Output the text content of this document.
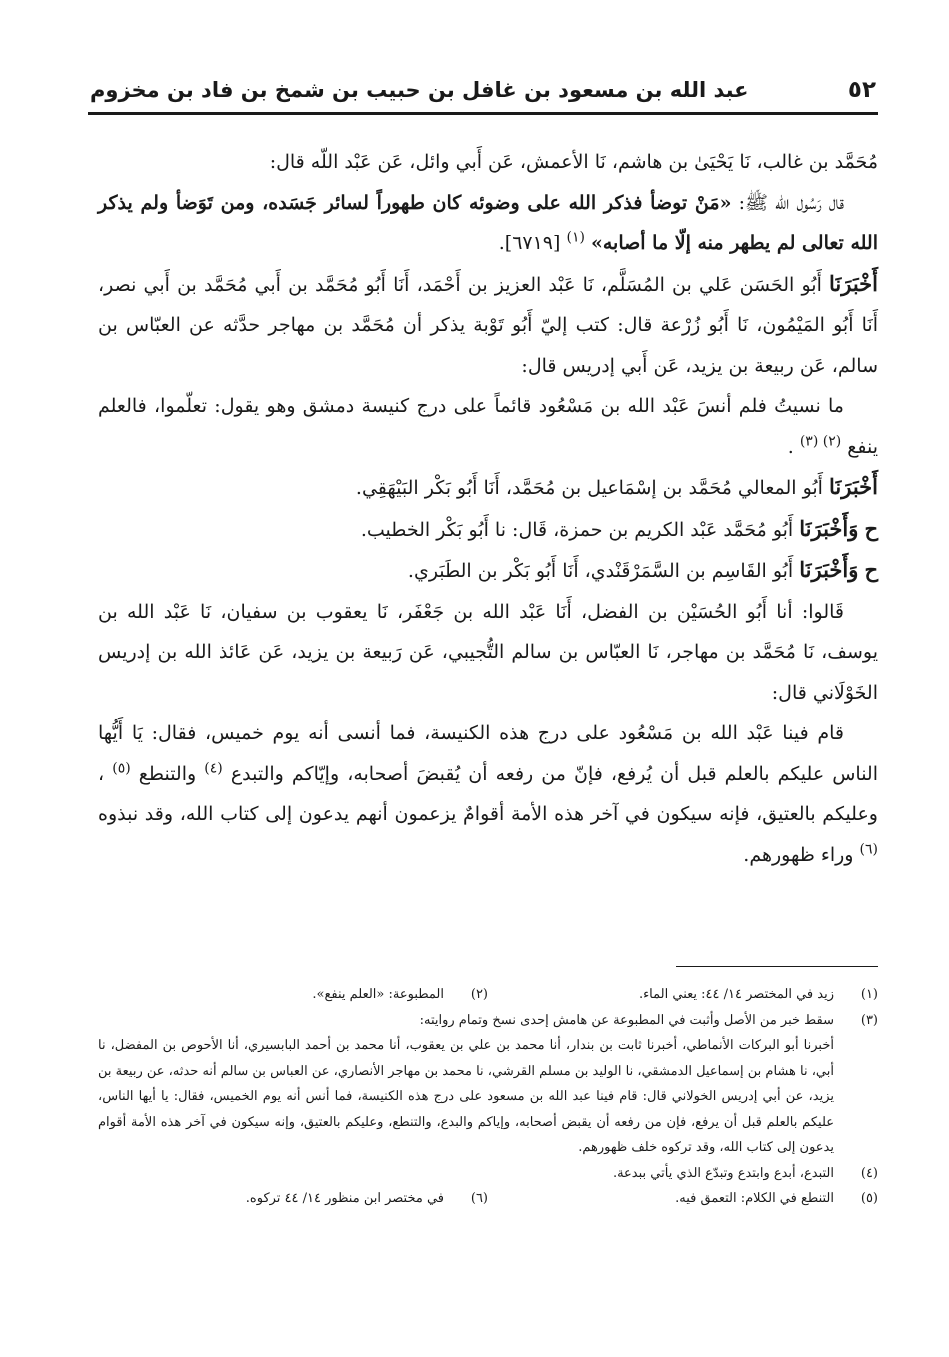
٥٢
عبد الله بن مسعود بن غافل بن حبيب بن شمخ بن فاد بن مخزوم

مُحَمَّد بن غالب، نَا يَحْيَىٰ بن هاشم، نَا الأعمش، عَن أَبي وائل، عَن عَبْد اللّه قال:

قال رَسُول الله ﷺ: «مَنْ توضأ فذكر الله على وضوئه كان طهوراً لسائر جَسَده، ومن تَوَضأ ولم يذكر الله تعالى لم يطهر منه إلّا ما أصابه» $^{(١)}$ [٦٧١٩].

أَخْبَرَنَا أَبُو الحَسَن عَلي بن المُسَلَّم، نَا عَبْد العزيز بن أَحْمَد، أَنَا أَبُو مُحَمَّد بن أَبي مُحَمَّد بن أَبي نصر، أَنَا أَبُو المَيْمُون، نَا أَبُو زُرْعة قال: كتب إليّ أَبُو تَوْبة يذكر أن مُحَمَّد بن مهاجر حدَّثه عن العبّاس بن سالم، عَن ربيعة بن يزيد، عَن أَبي إدريس قال:

ما نسيتُ فلم أنسَ عَبْد الله بن مَسْعُود قائماً على درج كنيسة دمشق وهو يقول: تعلّموا، فالعلم ينفع $^{(٢) (٣)}$ .

أَخْبَرَنَا أَبُو المعالي مُحَمَّد بن إسْمَاعيل بن مُحَمَّد، أَنَا أَبُو بَكْر البَيْهَقِي.

ح وَأَخْبَرَنَا أَبُو مُحَمَّد عَبْد الكريم بن حمزة، قَال: نا أَبُو بَكْر الخطيب.

ح وَأَخْبَرَنَا أَبُو القَاسِم بن السَّمَرْقَنْدي، أَنَا أَبُو بَكْر بن الطَبَري.

قَالوا: أنا أَبُو الحُسَيْن بن الفضل، أَنَا عَبْد الله بن جَعْفَر، نَا يعقوب بن سفيان، نَا عَبْد الله بن يوسف، نَا مُحَمَّد بن مهاجر، نَا العبّاس بن سالم التُّجيبي، عَن رَبيعة بن يزيد، عَن عَائذ الله بن إدريس الخَوْلَاني قال:

قام فينا عَبْد الله بن مَسْعُود على درج هذه الكنيسة، فما أنسى أنه يوم خميس، فقال: يَا أَيُّها الناس عليكم بالعلم قبل أن يُرفع، فإنّ من رفعه أن يُقبضَ أصحابه، وإيّاكم والتبدع $^{(٤)}$ والتنطع $^{(٥)}$ ، وعليكم بالعتيق، فإنه سيكون في آخر هذه الأمة أقوامٌ يزعمون أنهم يدعون إلى كتاب الله، وقد نبذوه $^{(٦)}$ وراء ظهورهم.

(١)
زيد في المختصر ١٤/ ٤٤: يعني الماء.
(٢)
المطبوعة: «العلم ينفع».
(٣)
سقط خبر من الأصل وأثبت في المطبوعة عن هامش إحدى نسخ وتمام روايته:
أخبرنا أبو البركات الأنماطي، أخبرنا ثابت بن بندار، أنا محمد بن علي بن يعقوب، أنا محمد بن أحمد البابسيري، أنا الأحوص بن المفضل، نا أبي، نا هشام بن إسماعيل الدمشقي، نا الوليد بن مسلم القرشي، نا محمد بن مهاجر الأنصاري، عن العباس بن سالم أنه حدثه، عن ربيعة بن يزيد، عن أبي إدريس الخولاني قال: قام فينا عبد الله بن مسعود على درج هذه الكنيسة، فما أنس أنه يوم الخميس، فقال: يا أيها الناس، عليكم بالعلم قبل أن يرفع، فإن من رفعه أن يقبض أصحابه، وإياكم والبدع، والتنطع، وعليكم بالعتيق، وإنه سيكون في آخر هذه الأمة أقوام يدعون إلى كتاب الله، وقد تركوه خلف ظهورهم.
(٤)
التبدع، أبدع وابتدع وتبدّع الذي يأتي ببدعة.
(٥)
التنطع في الكلام: التعمق فيه.
(٦)
في مختصر ابن منظور ١٤/ ٤٤ تركوه.
